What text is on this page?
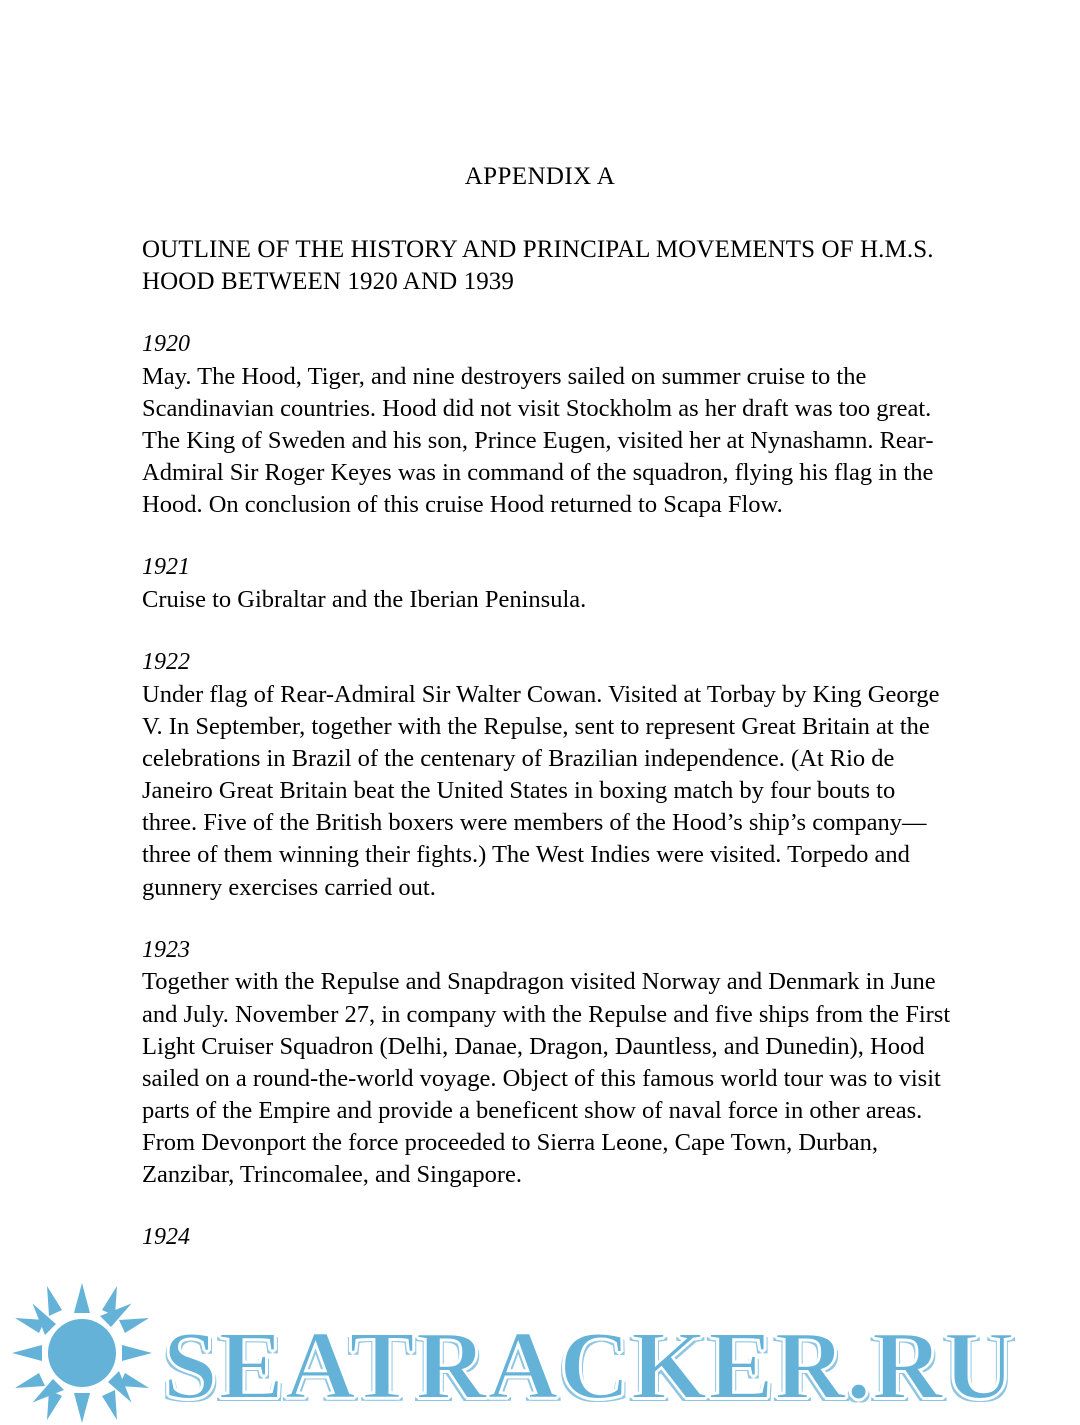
APPENDIX A
OUTLINE OF THE HISTORY AND PRINCIPAL MOVEMENTS OF H.M.S. HOOD BETWEEN 1920 AND 1939
1920
May. The Hood, Tiger, and nine destroyers sailed on summer cruise to the Scandinavian countries. Hood did not visit Stockholm as her draft was too great. The King of Sweden and his son, Prince Eugen, visited her at Nynashamn. Rear-Admiral Sir Roger Keyes was in command of the squadron, flying his flag in the Hood. On conclusion of this cruise Hood returned to Scapa Flow.
1921
Cruise to Gibraltar and the Iberian Peninsula.
1922
Under flag of Rear-Admiral Sir Walter Cowan. Visited at Torbay by King George V. In September, together with the Repulse, sent to represent Great Britain at the celebrations in Brazil of the centenary of Brazilian independence. (At Rio de Janeiro Great Britain beat the United States in boxing match by four bouts to three. Five of the British boxers were members of the Hood’s ship’s company—three of them winning their fights.) The West Indies were visited. Torpedo and gunnery exercises carried out.
1923
Together with the Repulse and Snapdragon visited Norway and Denmark in June and July. November 27, in company with the Repulse and five ships from the First Light Cruiser Squadron (Delhi, Danae, Dragon, Dauntless, and Dunedin), Hood sailed on a round-the-world voyage. Object of this famous world tour was to visit parts of the Empire and provide a beneficent show of naval force in other areas. From Devonport the force proceeded to Sierra Leone, Cape Town, Durban, Zanzibar, Trincomalee, and Singapore.
1924
SEATRACKER.RU
